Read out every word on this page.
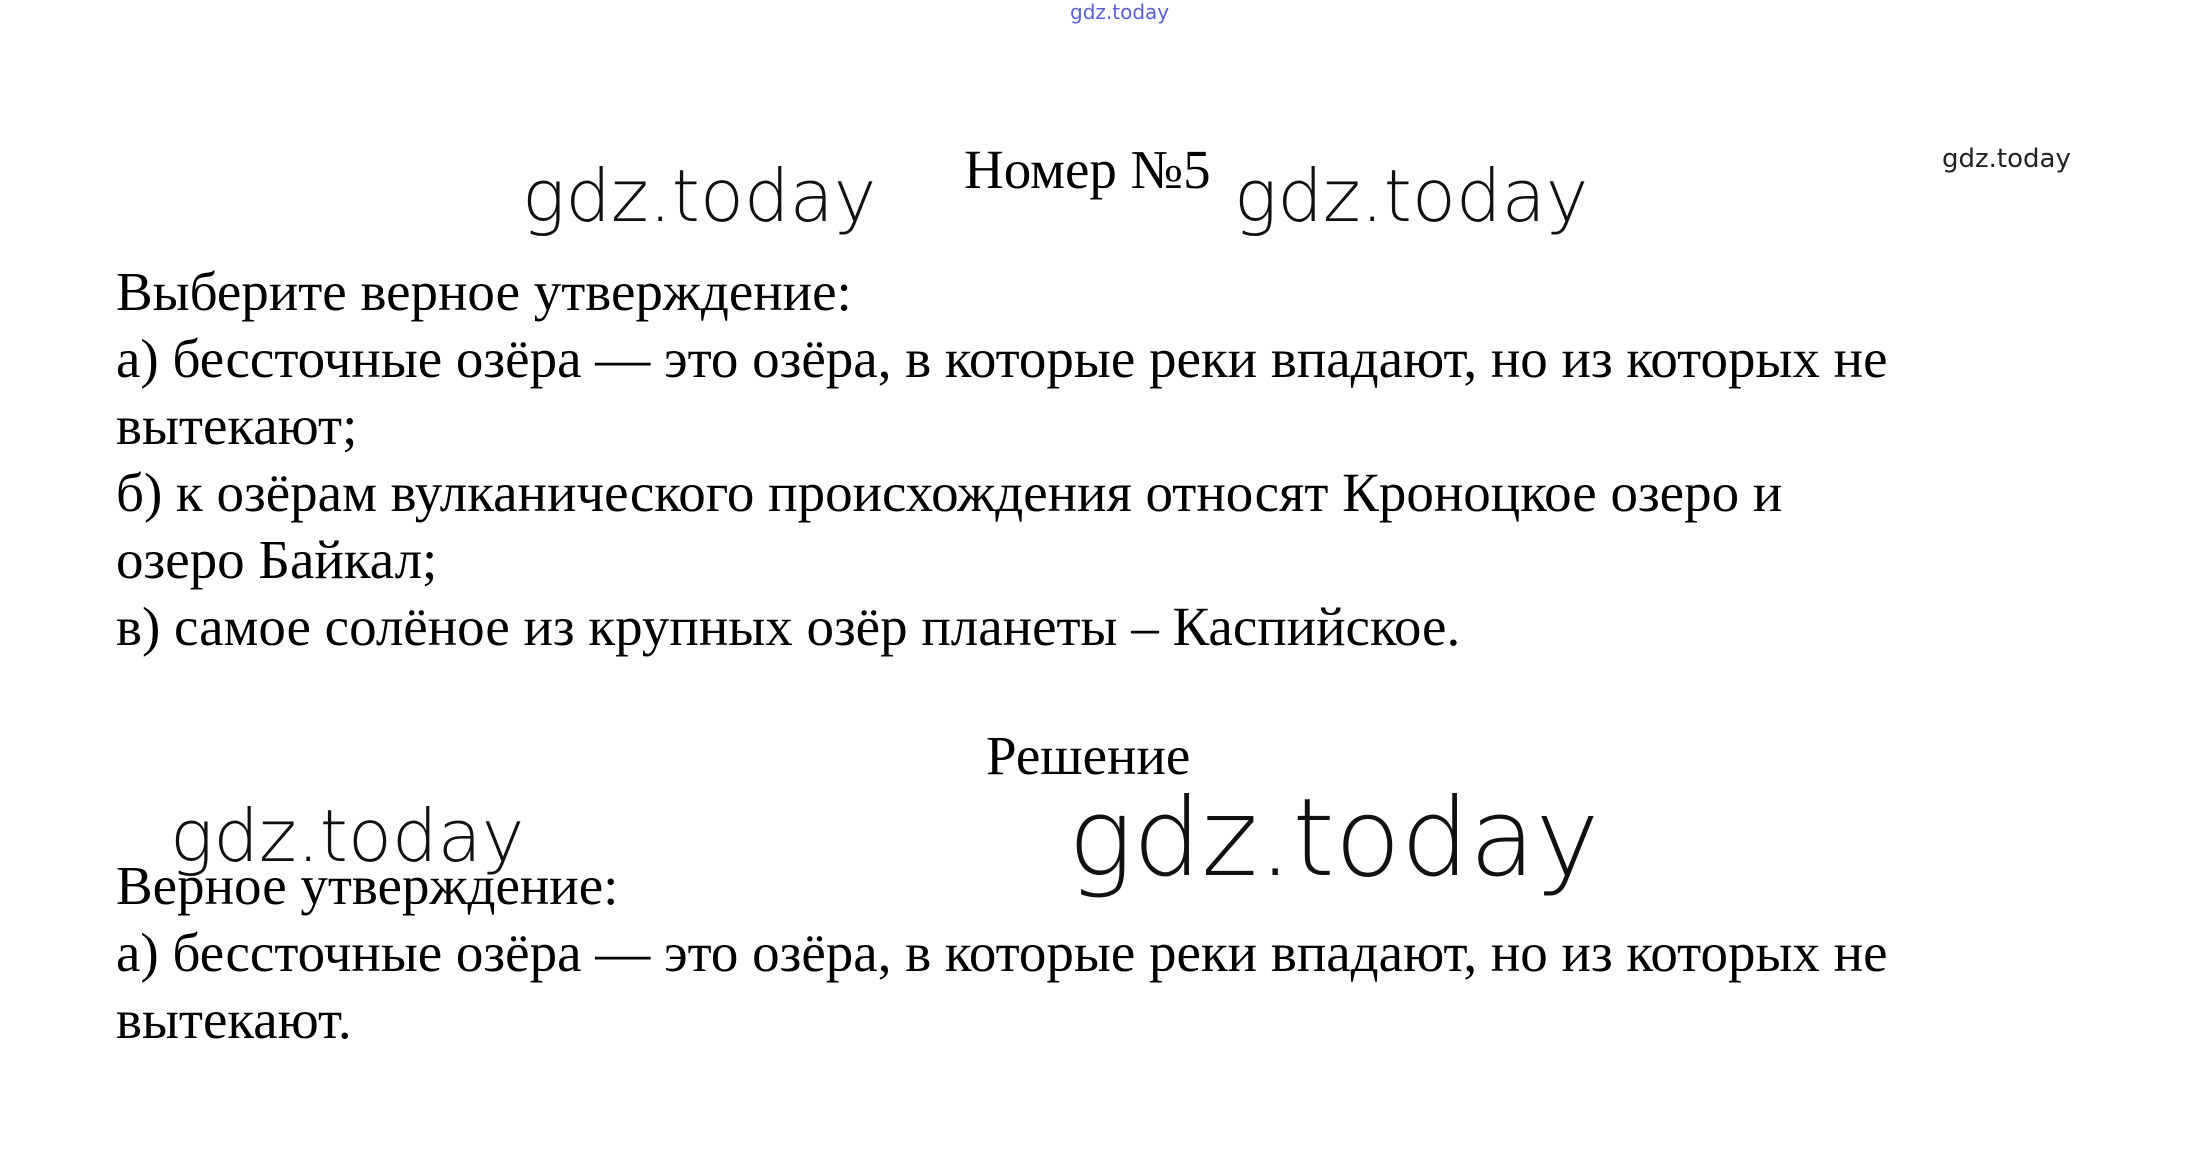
gdz.today
gdz.today
gdz.today	gdz.today
Номер №5
Выберите верное утверждение:
а) бессточные озёра — это озёра, в которые реки впадают, но из которых не
вытекают;
б) к озёрам вулканического происхождения относят Кроноцкое озеро и
озеро Байкал;
в) самое солёное из крупных озёр планеты – Каспийское.
Решение
gdz.today	gdz.today
Верное утверждение:
а) бессточные озёра — это озёра, в которые реки впадают, но из которых не
вытекают.
